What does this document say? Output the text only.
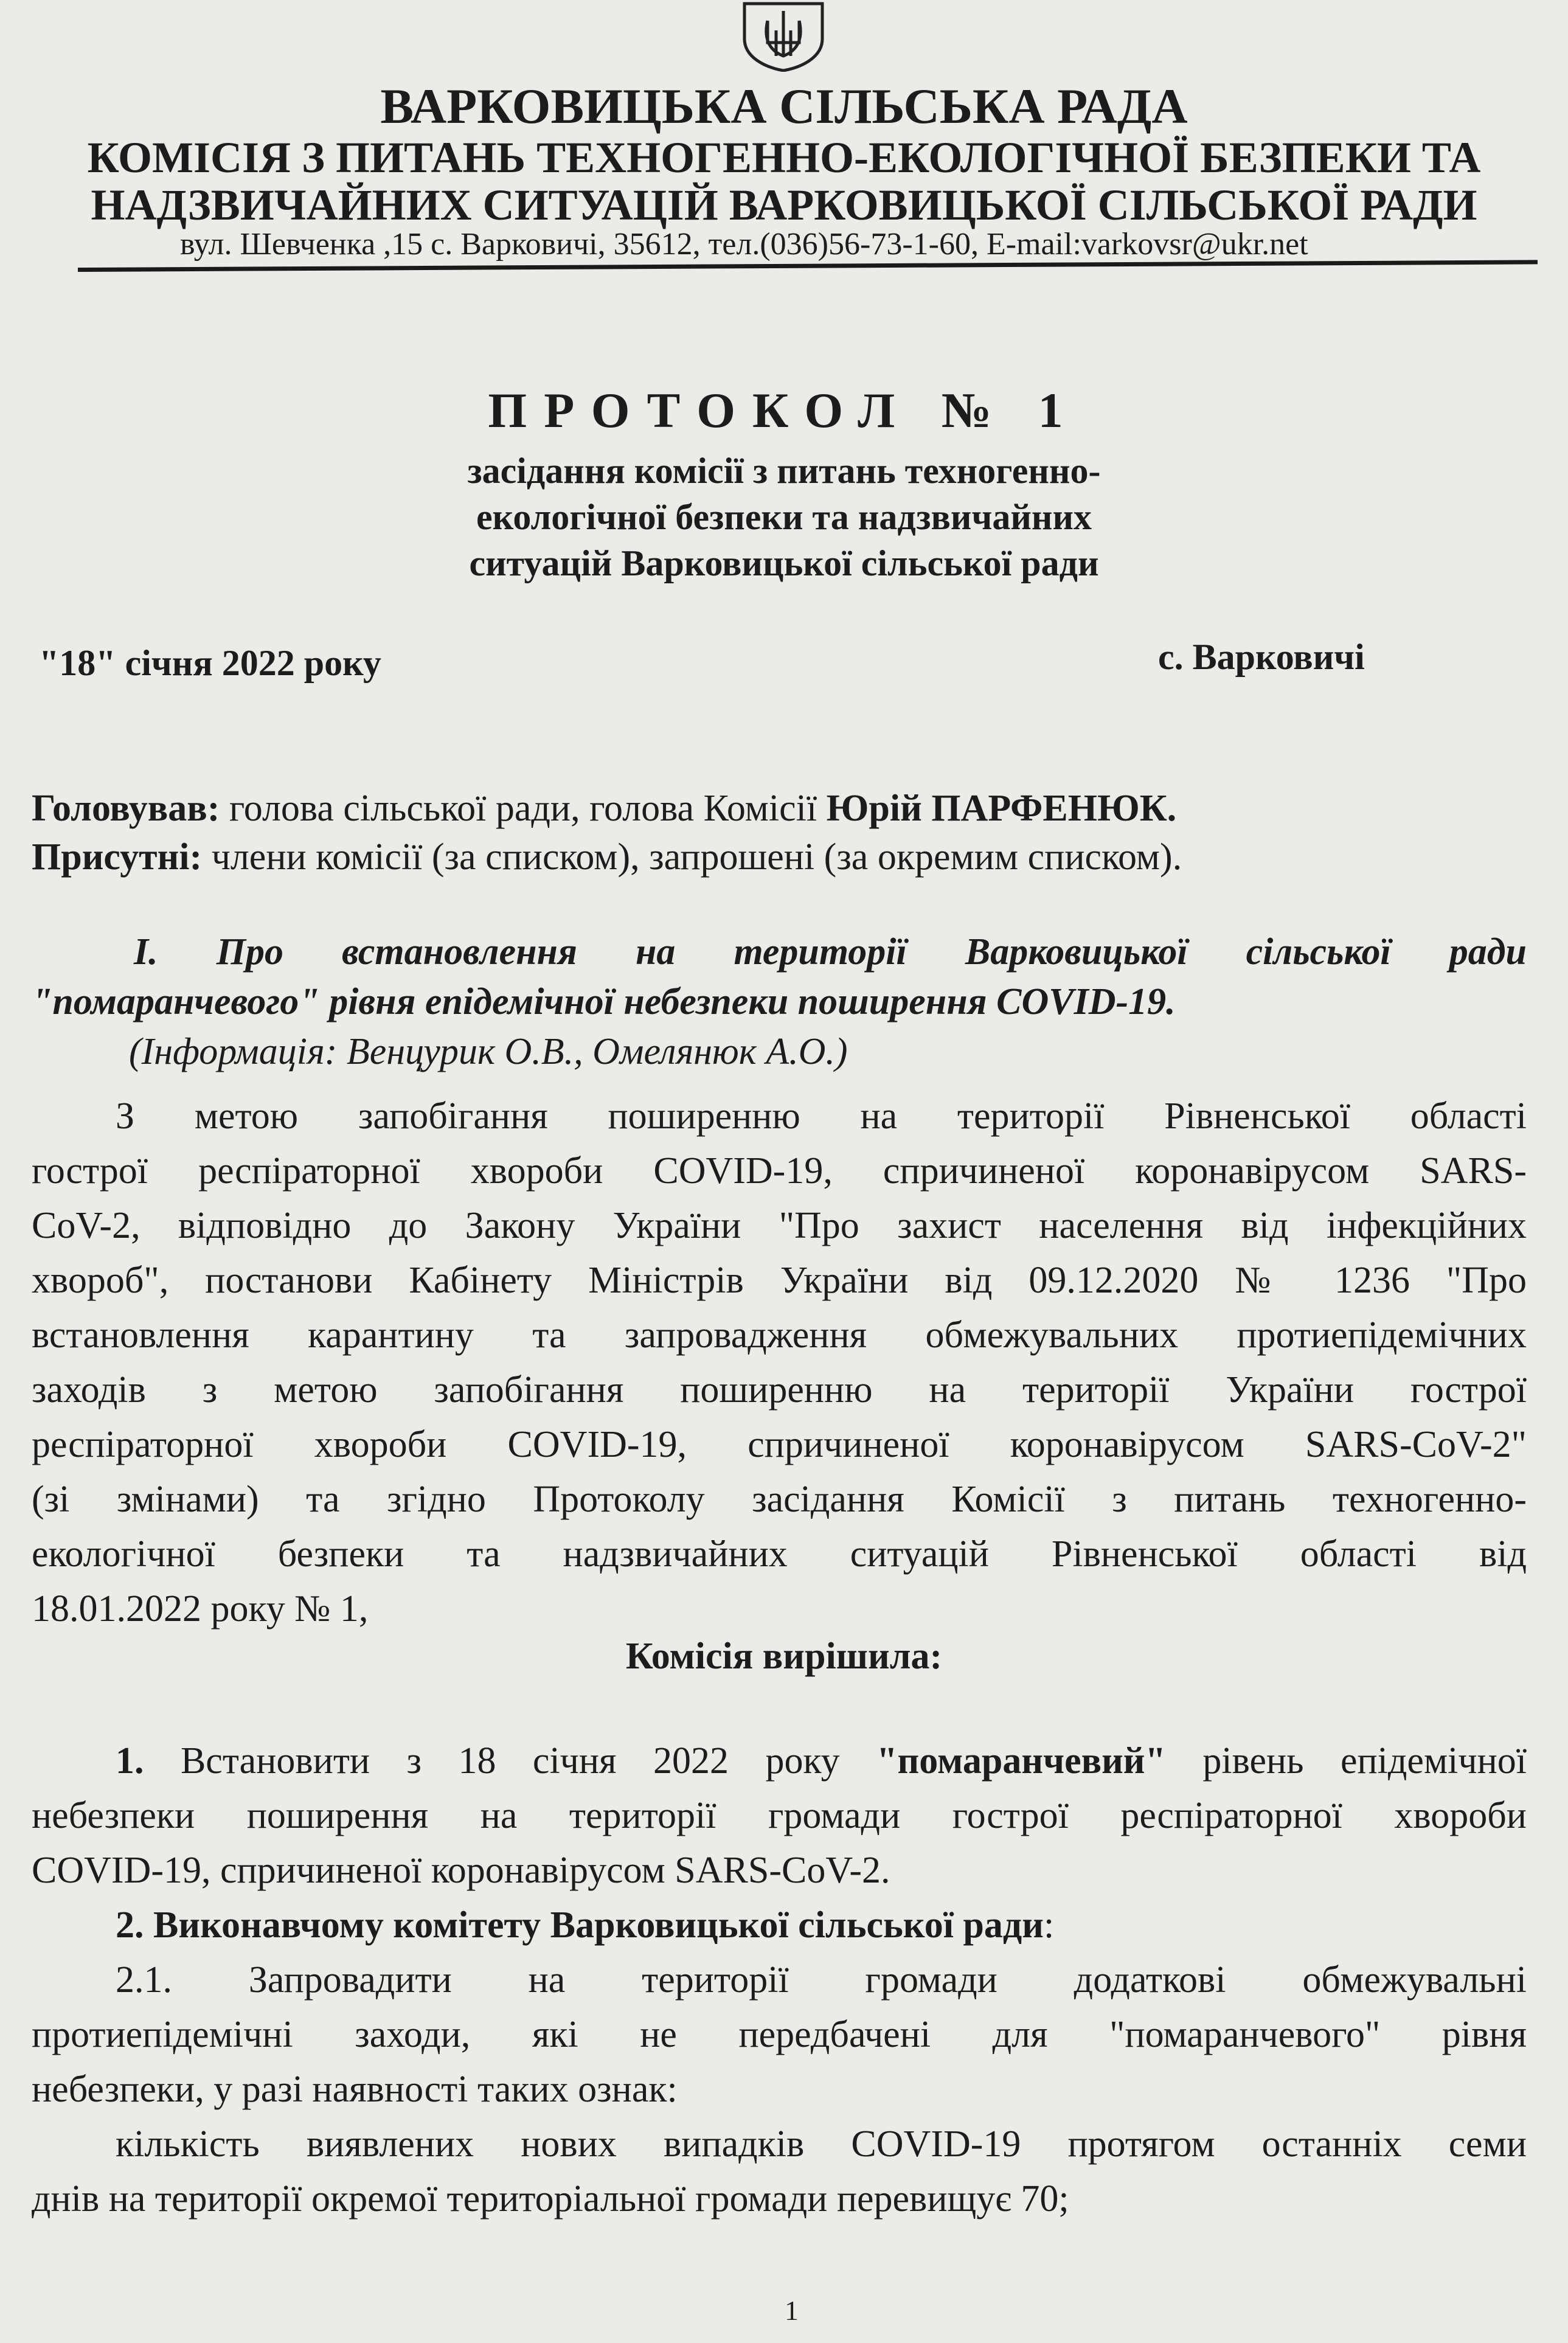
ВАРКОВИЦЬКА СІЛЬСЬКА РАДА
КОМІСІЯ З ПИТАНЬ ТЕХНОГЕННО-ЕКОЛОГІЧНОЇ БЕЗПЕКИ ТА
НАДЗВИЧАЙНИХ СИТУАЦІЙ ВАРКОВИЦЬКОЇ СІЛЬСЬКОЇ РАДИ
вул. Шевченка ,15 с. Варковичі, 35612, тел.(036)56-73-1-60, E-mail:varkovsr@ukr.net
ПРОТОКОЛ № 1
засідання комісії з питань техногенно-
екологічної безпеки та надзвичайних
ситуацій Варковицької сільської ради
"18" січня 2022 року	с. Варковичі
Головував: голова сільської ради, голова Комісії Юрій ПАРФЕНЮК.
Присутні: члени комісії (за списком), запрошені (за окремим списком).
І. Про встановлення на території Варковицької сільської ради
"помаранчевого" рівня епідемічної небезпеки поширення COVID-19.
(Інформація: Венцурик О.В., Омелянюк А.О.)
З метою запобігання поширенню на території Рівненської області
гострої респіраторної хвороби COVID-19, спричиненої коронавірусом SARS-
CoV-2, відповідно до Закону України "Про захист населення від інфекційних
хвороб", постанови Кабінету Міністрів України від 09.12.2020 № 1236 "Про
встановлення карантину та запровадження обмежувальних протиепідемічних
заходів з метою запобігання поширенню на території України гострої
респіраторної хвороби COVID-19, спричиненої коронавірусом SARS-CoV-2"
(зі змінами) та згідно Протоколу засідання Комісії з питань техногенно-
екологічної безпеки та надзвичайних ситуацій Рівненської області від
18.01.2022 року № 1,
Комісія вирішила:
1. Встановити з 18 січня 2022 року "помаранчевий" рівень епідемічної
небезпеки поширення на території громади гострої респіраторної хвороби
COVID-19, спричиненої коронавірусом SARS-CoV-2.
2. Виконавчому комітету Варковицької сільської ради:
2.1. Запровадити на території громади додаткові обмежувальні
протиепідемічні заходи, які не передбачені для "помаранчевого" рівня
небезпеки, у разі наявності таких ознак:
кількість виявлених нових випадків COVID-19 протягом останніх семи
днів на території окремої територіальної громади перевищує 70;
1
